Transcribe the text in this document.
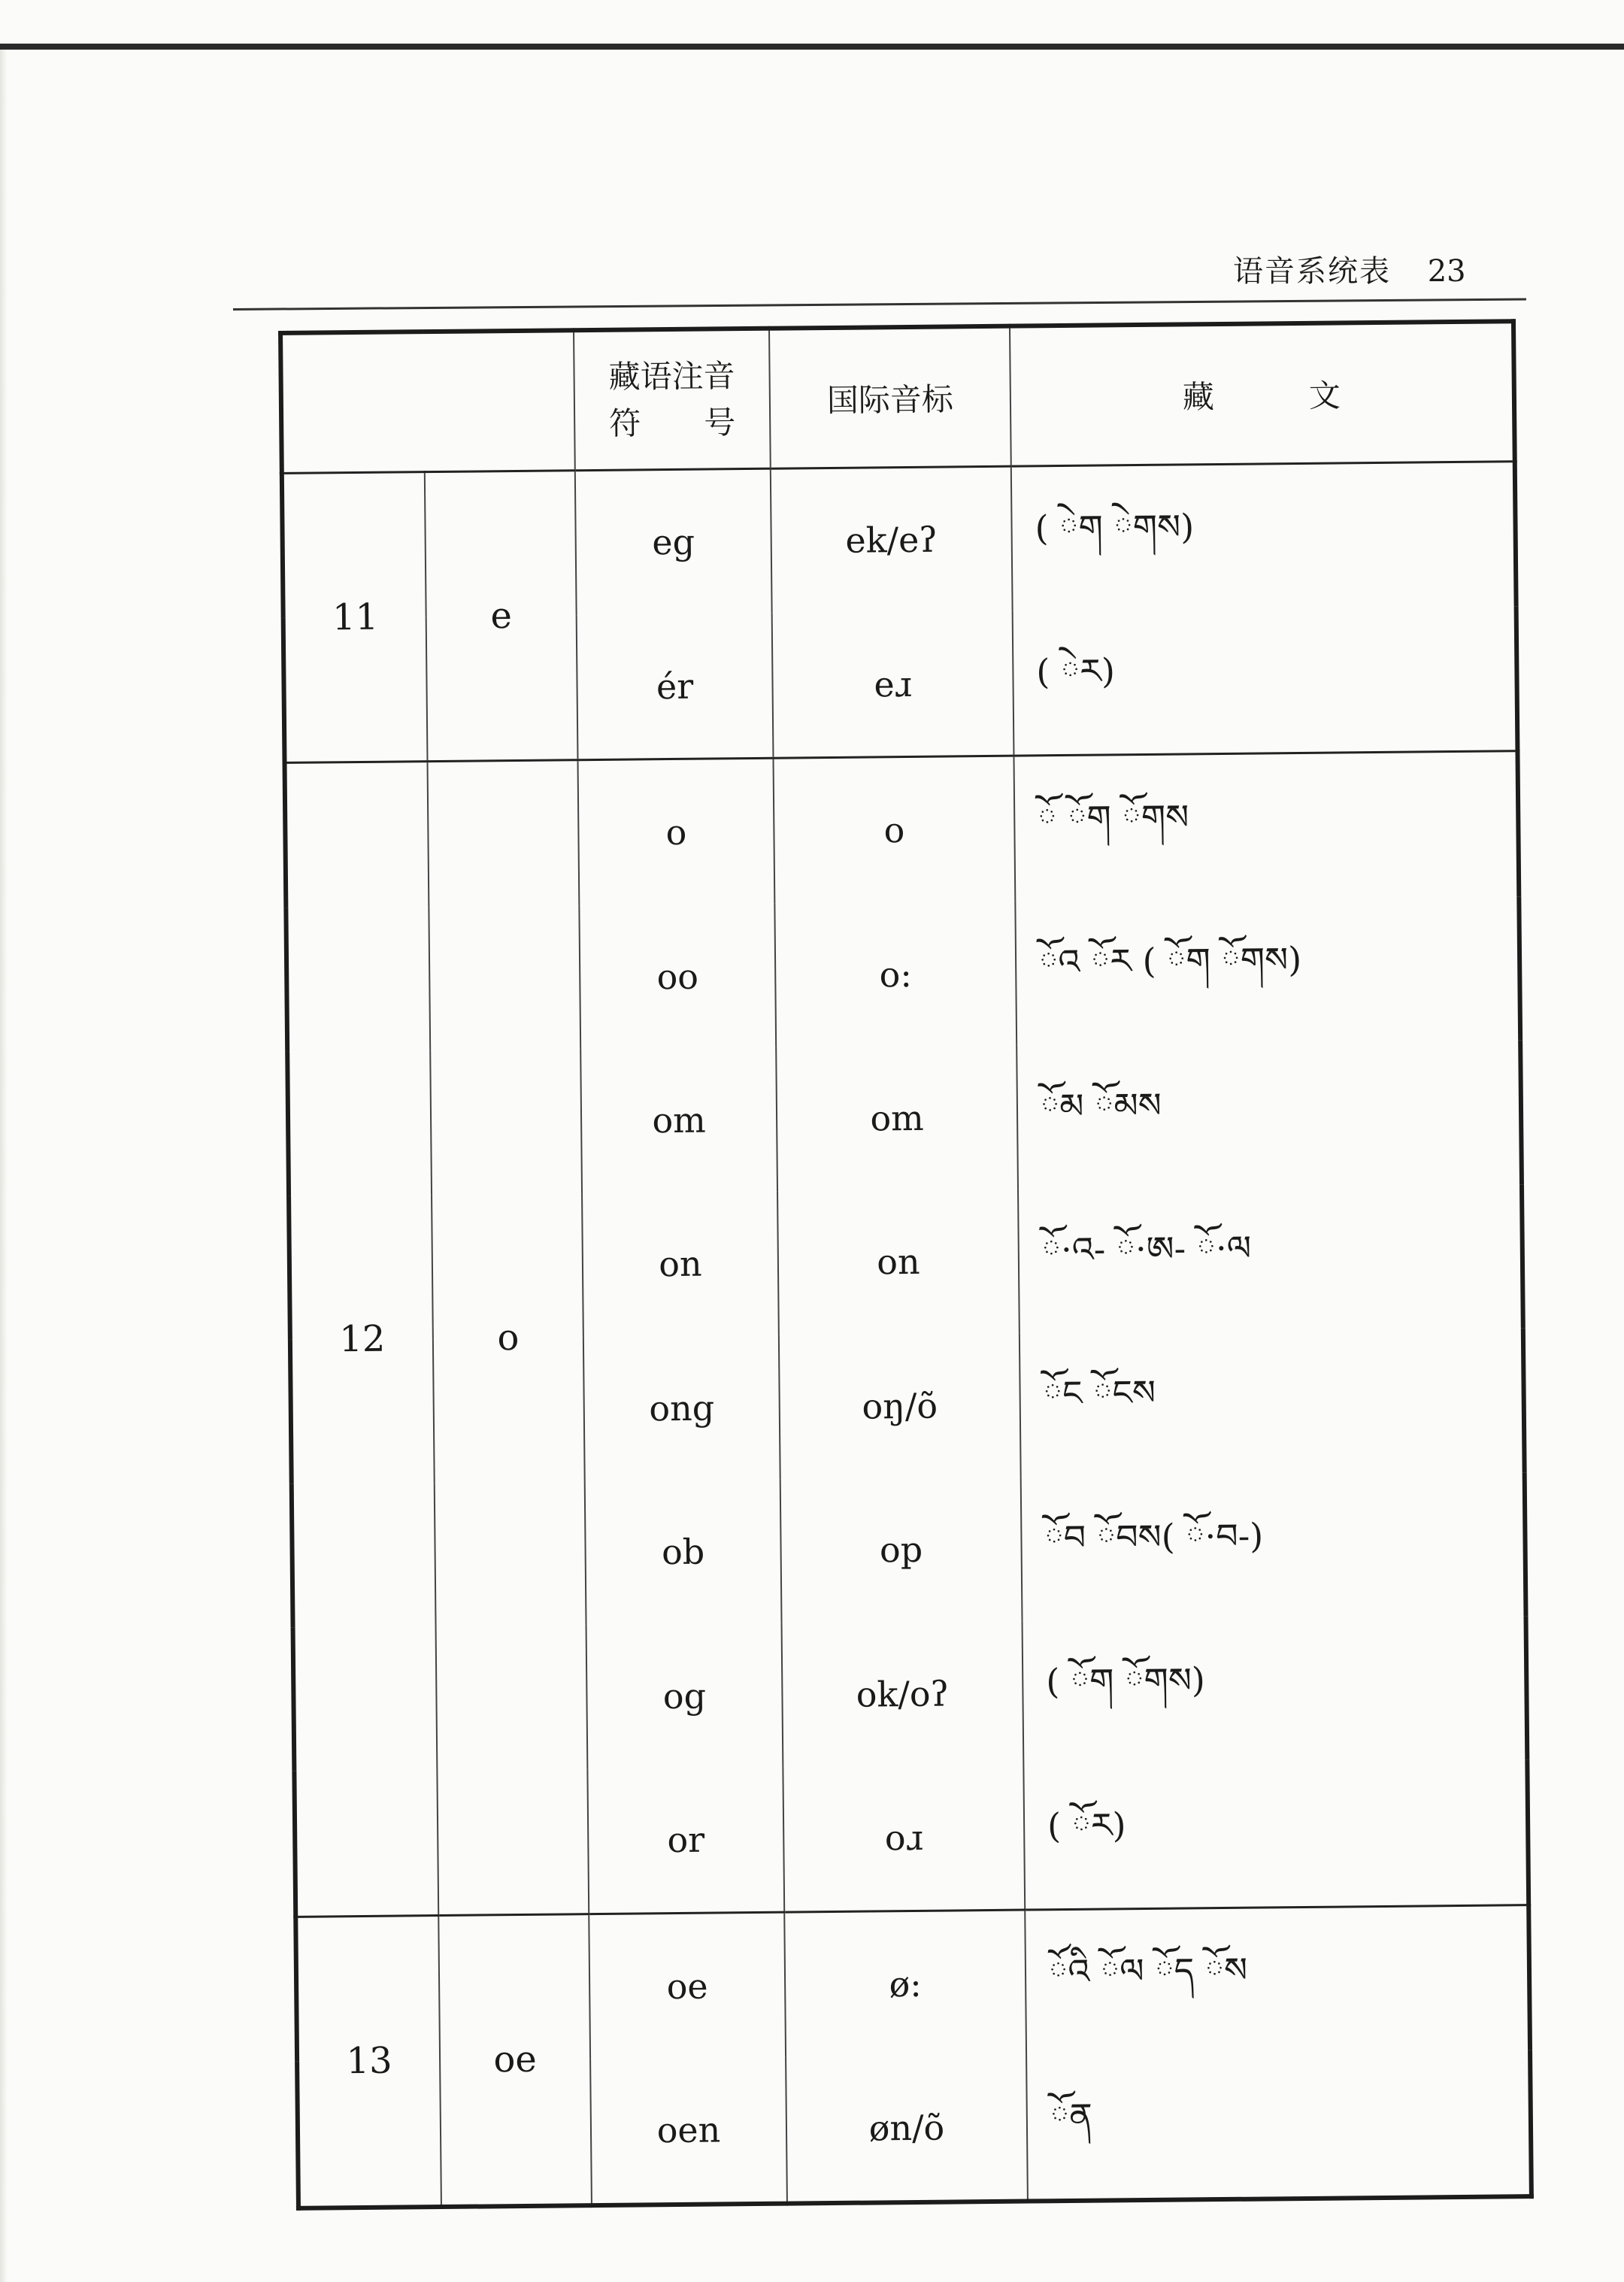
语音系统表 23

		藏语注音
符　　号	国际音标	藏　　　文
11	e	eg	ek/eʔ	( ◌ེག ◌ེགས)
		ér	eɹ	( ◌ེར)
12	o	o	o	◌ོ ◌ོག ◌ོགས
		oo	o:	◌ོའ ◌ོར ( ◌ོག ◌ོགས)
		om	om	◌ོམ ◌ོམས
		on	on	◌ོ·འ- ◌ོ·ཨ- ◌ོ·ལ
		ong	oŋ/õ	◌ོང ◌ོངས
		ob	op	◌ོབ ◌ོབས( ◌ོ·བ-)
		og	ok/oʔ	( ◌ོག ◌ོགས)
		or	oɹ	( ◌ོར)
13	oe	oe	ø:	◌ོའི ◌ོལ ◌ོད ◌ོས
		oen	øn/õ	◌ོན
